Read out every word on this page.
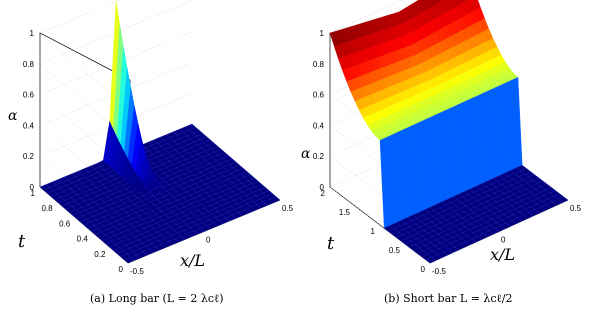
0
0.2
0.4
0.6
0.8
1
0
0.2
0.4
0.6
0.8
1
-0.5
0
0.5
α
t
x/L
0
0.2
0.4
0.6
0.8
1
0
0.5
1
1.5
2
-0.5
0
0.5
α
t
x/L
(a) Long bar (L = 2 λᴄℓ)	(b) Short bar L = λᴄℓ/2
